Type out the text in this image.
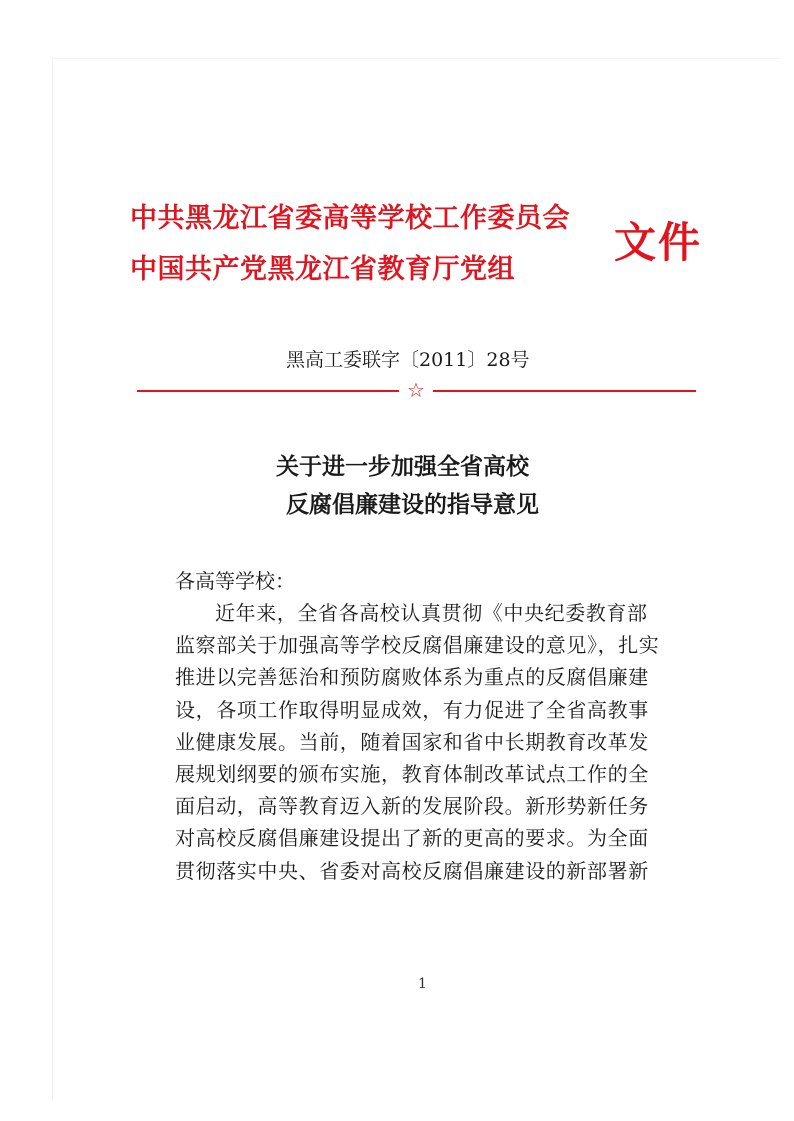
中共黑龙江省委高等学校工作委员会
中国共产党黑龙江省教育厅党组
文件
黑高工委联字〔2011〕28号
☆
关于进一步加强全省高校
反腐倡廉建设的指导意见
各高等学校：
近年来，全省各高校认真贯彻《中央纪委教育部
监察部关于加强高等学校反腐倡廉建设的意见》，扎实
推进以完善惩治和预防腐败体系为重点的反腐倡廉建
设，各项工作取得明显成效，有力促进了全省高教事
业健康发展。当前，随着国家和省中长期教育改革发
展规划纲要的颁布实施，教育体制改革试点工作的全
面启动，高等教育迈入新的发展阶段。新形势新任务
对高校反腐倡廉建设提出了新的更高的要求。为全面
贯彻落实中央、省委对高校反腐倡廉建设的新部署新
1
